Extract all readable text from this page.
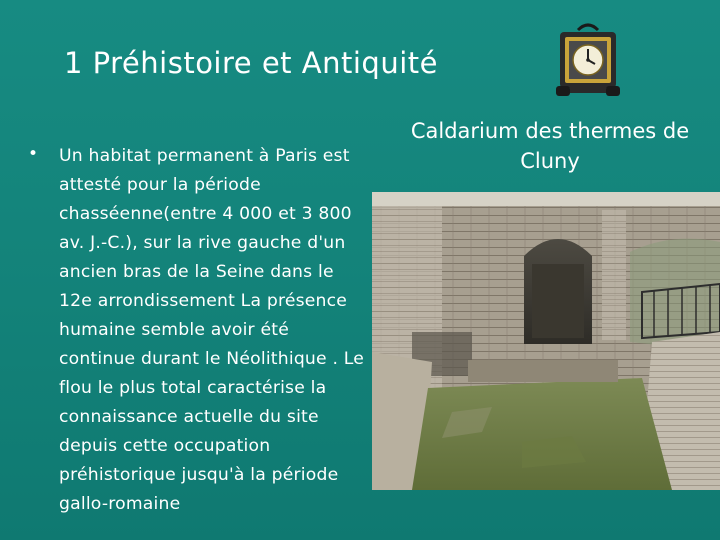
1 Préhistoire et Antiquité
• Un habitat permanent à Paris est attesté pour la période chasséenne(entre 4 000 et 3 800 av. J.-C.), sur la rive gauche d'un ancien bras de la Seine dans le 12e arrondissement La présence humaine semble avoir été continue durant le Néolithique . Le flou le plus total caractérise la connaissance actuelle du site depuis cette occupation préhistorique jusqu'à la période gallo-romaine

Caldarium des thermes de Cluny
